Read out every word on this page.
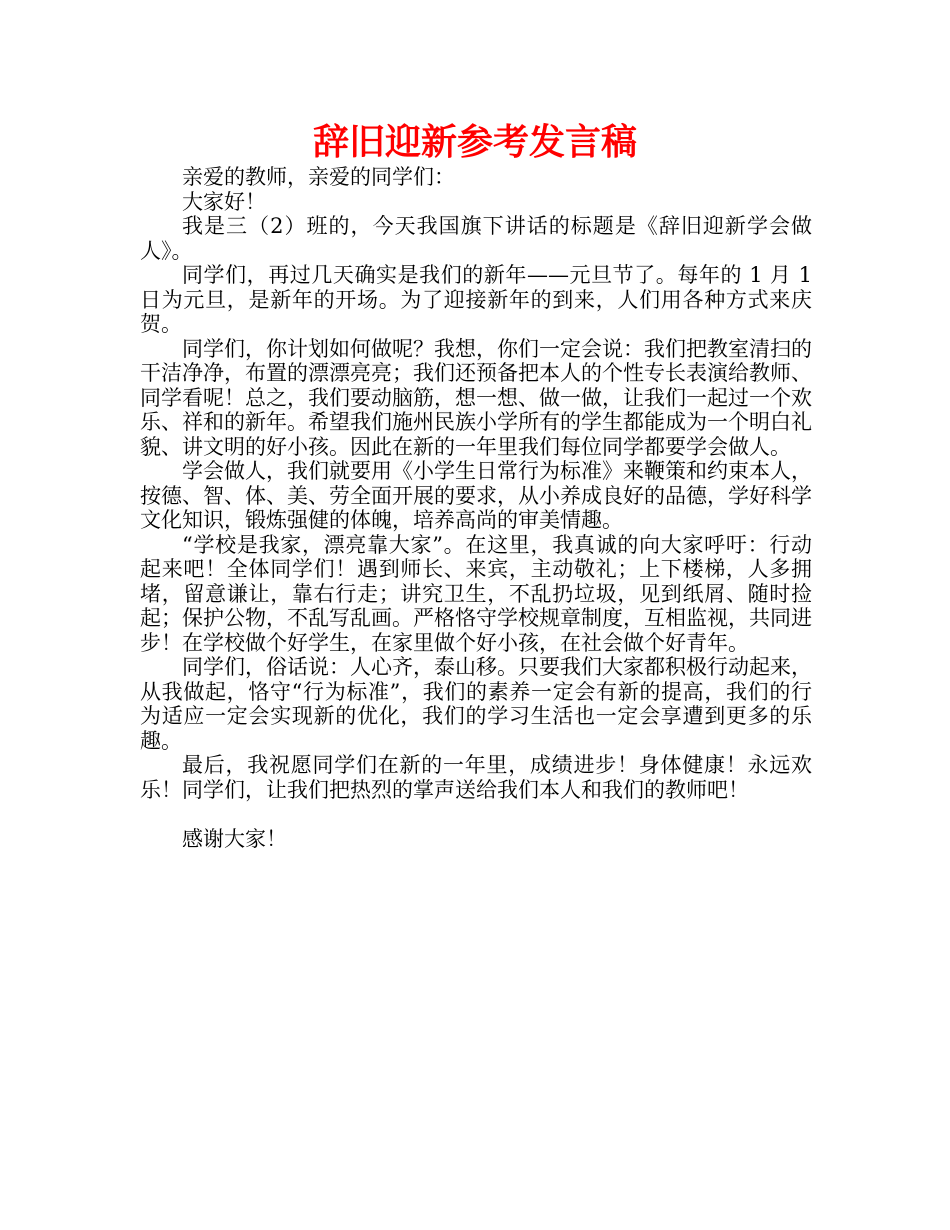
辞旧迎新参考发言稿

亲爱的教师，亲爱的同学们：

大家好！

我是三（2）班的，今天我国旗下讲话的标题是《辞旧迎新学会做人》。

同学们，再过几天确实是我们的新年——元旦节了。每年的 1 月 1 日为元旦，是新年的开场。为了迎接新年的到来，人们用各种方式来庆贺。

同学们，你计划如何做呢？我想，你们一定会说：我们把教室清扫的干洁净净，布置的漂漂亮亮；我们还预备把本人的个性专长表演给教师、同学看呢！总之，我们要动脑筋，想一想、做一做，让我们一起过一个欢乐、祥和的新年。希望我们施州民族小学所有的学生都能成为一个明白礼貌、讲文明的好小孩。因此在新的一年里我们每位同学都要学会做人。

学会做人，我们就要用《小学生日常行为标准》来鞭策和约束本人，按德、智、体、美、劳全面开展的要求，从小养成良好的品德，学好科学文化知识，锻炼强健的体魄，培养高尚的审美情趣。

“学校是我家，漂亮靠大家”。在这里，我真诚的向大家呼吁：行动起来吧！全体同学们！遇到师长、来宾，主动敬礼；上下楼梯，人多拥堵，留意谦让，靠右行走；讲究卫生，不乱扔垃圾，见到纸屑、随时捡起；保护公物，不乱写乱画。严格恪守学校规章制度，互相监视，共同进步！在学校做个好学生，在家里做个好小孩，在社会做个好青年。

同学们，俗话说：人心齐，泰山移。只要我们大家都积极行动起来，从我做起，恪守“行为标准”，我们的素养一定会有新的提高，我们的行为适应一定会实现新的优化，我们的学习生活也一定会享遭到更多的乐趣。

最后，我祝愿同学们在新的一年里，成绩进步！身体健康！永远欢乐！同学们，让我们把热烈的掌声送给我们本人和我们的教师吧！

感谢大家！
